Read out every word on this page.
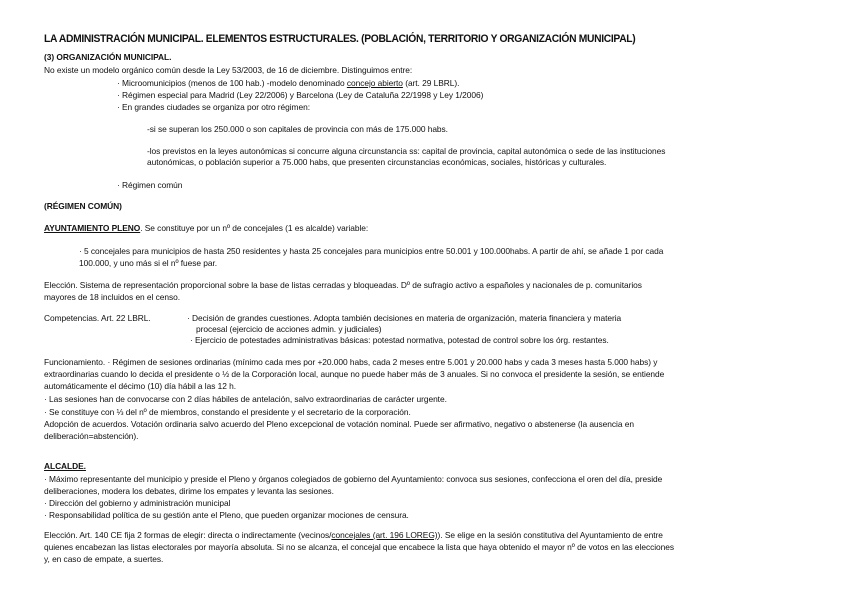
LA ADMINISTRACIÓN MUNICIPAL. ELEMENTOS ESTRUCTURALES. (POBLACIÓN, TERRITORIO Y ORGANIZACIÓN MUNICIPAL)
(3) ORGANIZACIÓN MUNICIPAL.
No existe un modelo orgánico común desde la Ley 53/2003, de 16 de diciembre. Distinguimos entre:
· Microomunicipios (menos de 100 hab.) -modelo denominado concejo abierto (art. 29 LBRL).
· Régimen especial para Madrid (Ley 22/2006) y Barcelona (Ley de Cataluña 22/1998 y Ley 1/2006)
· En grandes ciudades se organiza por otro régimen:
-si se superan los 250.000 o son capitales de provincia con más de 175.000 habs.
-los previstos en la leyes autonómicas si concurre alguna circunstancia ss: capital de provincia, capital autonómica o sede de las instituciones
autonómicas, o población superior a 75.000 habs, que presenten circunstancias económicas, sociales, históricas y culturales.
· Régimen común
(RÉGIMEN COMÚN)
AYUNTAMIENTO PLENO. Se constituye por un nº de concejales (1 es alcalde) variable:
· 5 concejales para municipios de hasta 250 residentes y hasta 25 concejales para municipios entre 50.001 y 100.000habs. A partir de ahí, se añade 1 por cada
100.000, y uno más si el nº fuese par.
Elección. Sistema de representación proporcional sobre la base de listas cerradas y bloqueadas. Dº de sufragio activo a españoles y nacionales de p. comunitarios
mayores de 18 incluidos en el censo.
Competencias. Art. 22 LBRL.	· Decisión de grandes cuestiones. Adopta también decisiones en materia de organización, materia financiera y materia
procesal (ejercicio de acciones admin. y judiciales)
· Ejercicio de potestades administrativas básicas: potestad normativa, potestad de control sobre los órg. restantes.
Funcionamiento. · Régimen de sesiones ordinarias (mínimo cada mes por +20.000 habs, cada 2 meses entre 5.001 y 20.000 habs y cada 3 meses hasta 5.000 habs) y
extraordinarias cuando lo decida el presidente o ½ de la Corporación local, aunque no puede haber más de 3 anuales. Si no convoca el presidente la sesión, se entiende
automáticamente el décimo (10) día hábil a las 12 h.
· Las sesiones han de convocarse con 2 días hábiles de antelación, salvo extraordinarias de carácter urgente.
· Se constituye con ⅓ del nº de miembros, constando el presidente y el secretario de la corporación.
Adopción de acuerdos. Votación ordinaria salvo acuerdo del Pleno excepcional de votación nominal. Puede ser afirmativo, negativo o abstenerse (la ausencia en
deliberación=abstención).
ALCALDE.
· Máximo representante del municipio y preside el Pleno y órganos colegiados de gobierno del Ayuntamiento: convoca sus sesiones, confecciona el oren del día, preside
deliberaciones, modera los debates, dirime los empates y levanta las sesiones.
· Dirección del gobierno y administración municipal
· Responsabilidad política de su gestión ante el Pleno, que pueden organizar mociones de censura.
Elección. Art. 140 CE fija 2 formas de elegir: directa o indirectamente (vecinos/concejales (art. 196 LOREG)). Se elige en la sesión constitutiva del Ayuntamiento de entre
quienes encabezan las listas electorales por mayoría absoluta. Si no se alcanza, el concejal que encabece la lista que haya obtenido el mayor nº de votos en las elecciones
y, en caso de empate, a suertes.
